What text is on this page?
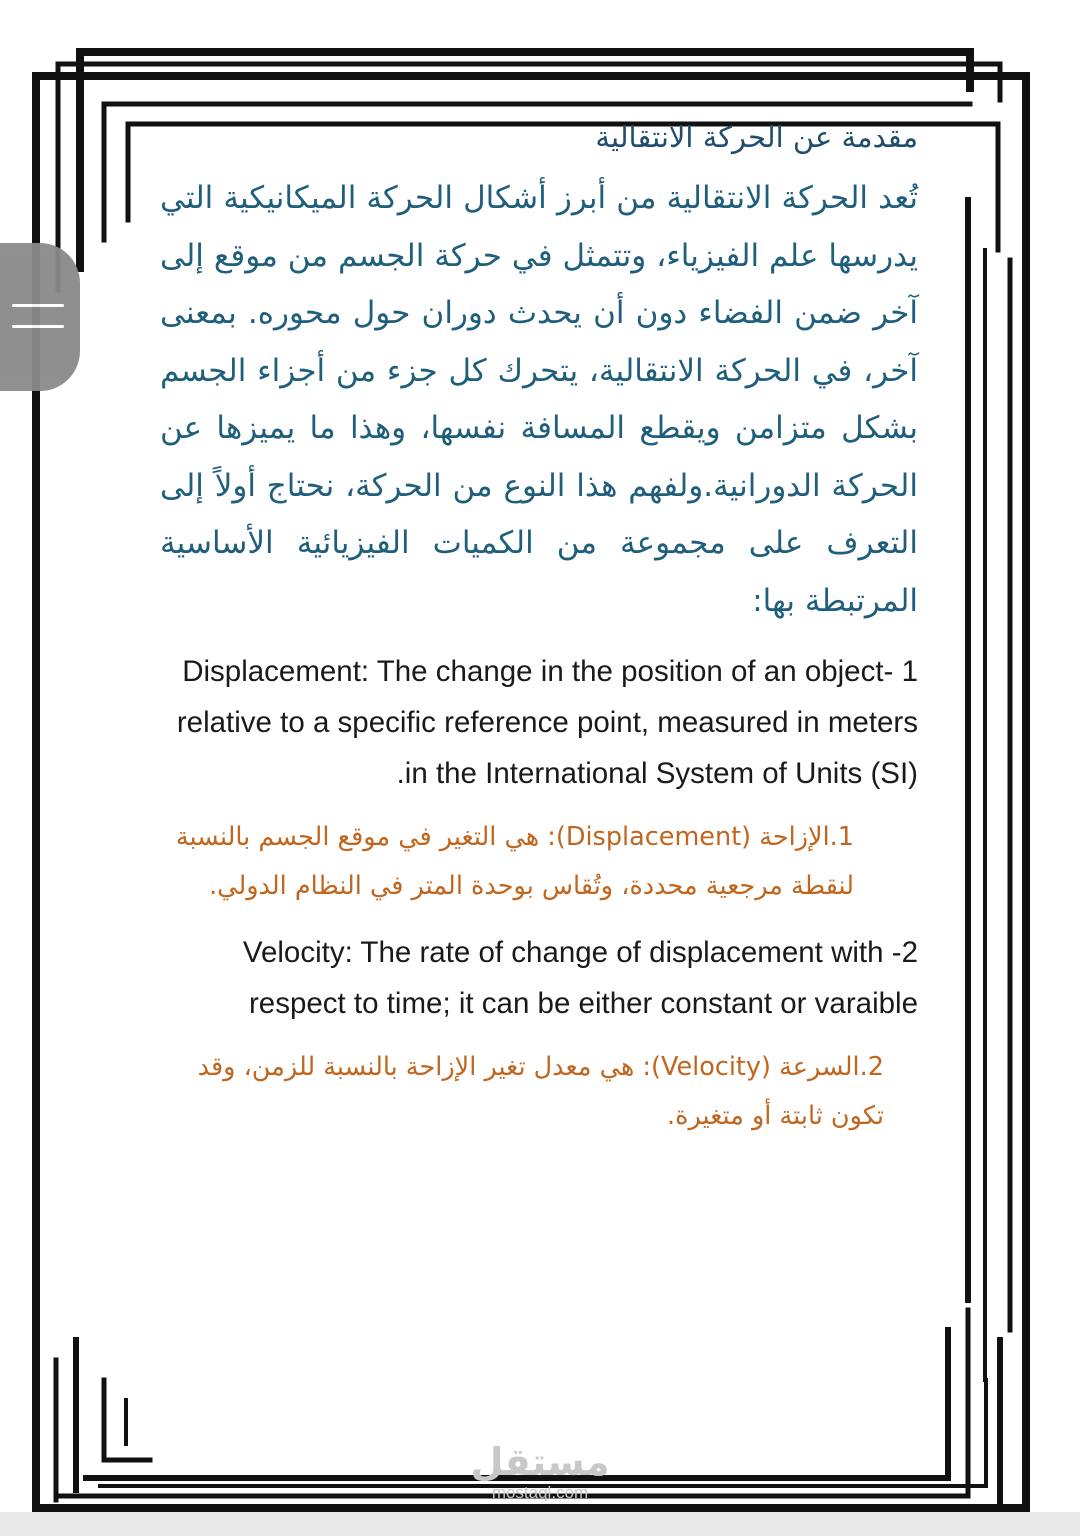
مقدمة عن الحركة الانتقالية

تُعد الحركة الانتقالية من أبرز أشكال الحركة الميكانيكية التي يدرسها علم الفيزياء، وتتمثل في حركة الجسم من موقع إلى آخر ضمن الفضاء دون أن يحدث دوران حول محوره. بمعنى آخر، في الحركة الانتقالية، يتحرك كل جزء من أجزاء الجسم بشكل متزامن ويقطع المسافة نفسها، وهذا ما يميزها عن الحركة الدورانية.ولفهم هذا النوع من الحركة، نحتاج أولاً إلى التعرف على مجموعة من الكميات الفيزيائية الأساسية المرتبطة بها:

1 -Displacement: The change in the position of an object relative to a specific reference point, measured in meters in the International System of Units (SI).

1.الإزاحة (Displacement): هي التغير في موقع الجسم بالنسبة لنقطة مرجعية محددة، وتُقاس بوحدة المتر في النظام الدولي.

2- Velocity: The rate of change of displacement with respect to time; it can be either constant or varaible

2.السرعة (Velocity): هي معدل تغير الإزاحة بالنسبة للزمن، وقد تكون ثابتة أو متغيرة.

مستقل
mostaql.com
